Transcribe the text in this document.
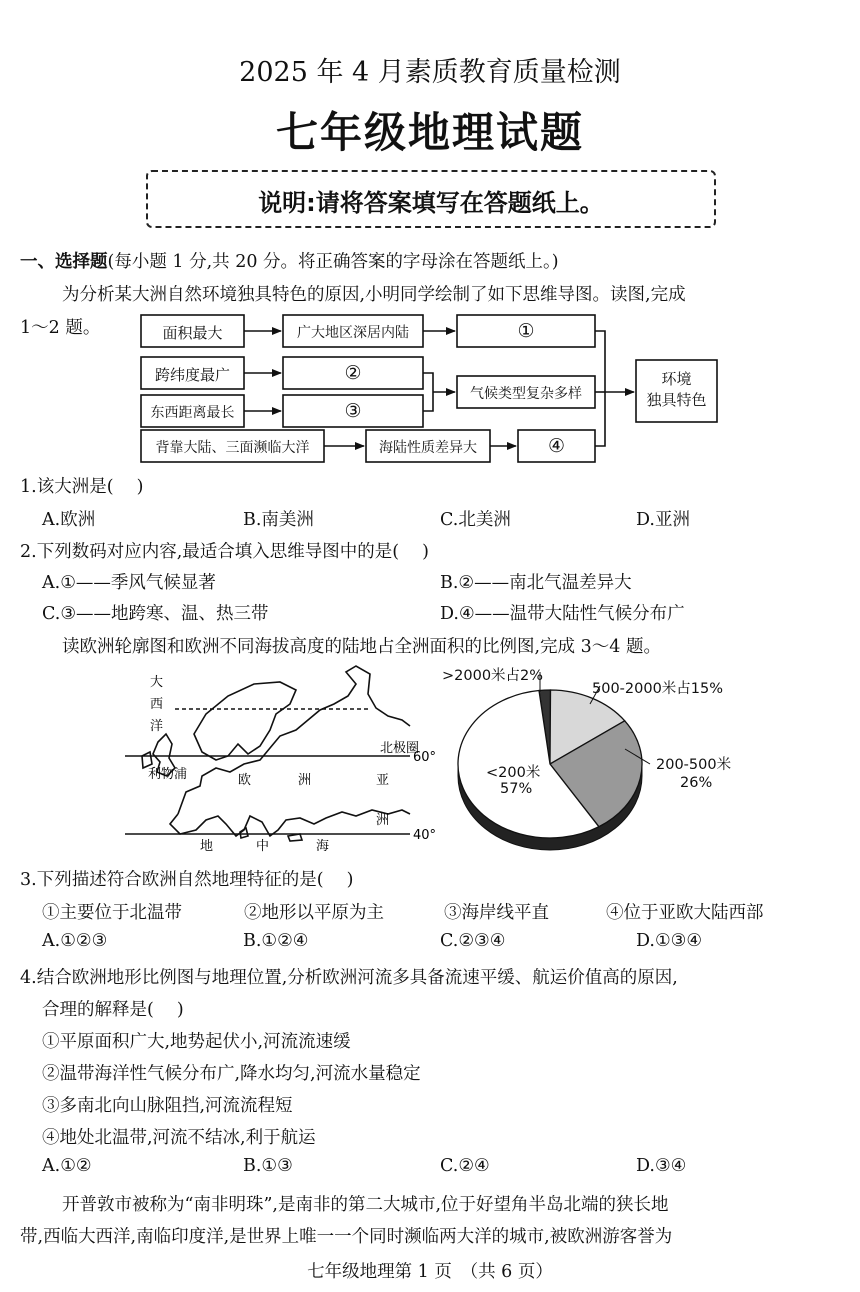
2025 年 4 月素质教育质量检测
七年级地理试题
说明:请将答案填写在答题纸上。
一、选择题(每小题 1 分,共 20 分。将正确答案的字母涂在答题纸上。)
为分析某大洲自然环境独具特色的原因,小明同学绘制了如下思维导图。读图,完成
1～2 题。	面积最大	广大地区深居内陆	①
跨纬度最广	②
东西距离最长	③
气候类型复杂多样
环境
独具特色
背靠大陆、三面濒临大洋	海陆性质差异大	④
1.该大洲是(　 )
A.欧洲	B.南美洲	C.北美洲	D.亚洲
2.下列数码对应内容,最适合填入思维导图中的是(　 )
A.①——季风气候显著	B.②——南北气温差异大
C.③——地跨寒、温、热三带	D.④——温带大陆性气候分布广
读欧洲轮廓图和欧洲不同海拔高度的陆地占全洲面积的比例图,完成 3～4 题。
大
西
洋
北极圈
60°
40°
利物浦	欧	洲	亚
洲
地	中	海
>2000米占2%
500-2000米占15%
<200米
57%
200-500米
26%
3.下列描述符合欧洲自然地理特征的是(　 )
①主要位于北温带	②地形以平原为主	③海岸线平直	④位于亚欧大陆西部
A.①②③	B.①②④	C.②③④	D.①③④
4.结合欧洲地形比例图与地理位置,分析欧洲河流多具备流速平缓、航运价值高的原因,
合理的解释是(　 )
①平原面积广大,地势起伏小,河流流速缓
②温带海洋性气候分布广,降水均匀,河流水量稳定
③多南北向山脉阻挡,河流流程短
④地处北温带,河流不结冰,利于航运
A.①②	B.①③	C.②④	D.③④
开普敦市被称为“南非明珠”,是南非的第二大城市,位于好望角半岛北端的狭长地
带,西临大西洋,南临印度洋,是世界上唯一一个同时濒临两大洋的城市,被欧洲游客誉为
七年级地理第 1 页　（共 6 页）
